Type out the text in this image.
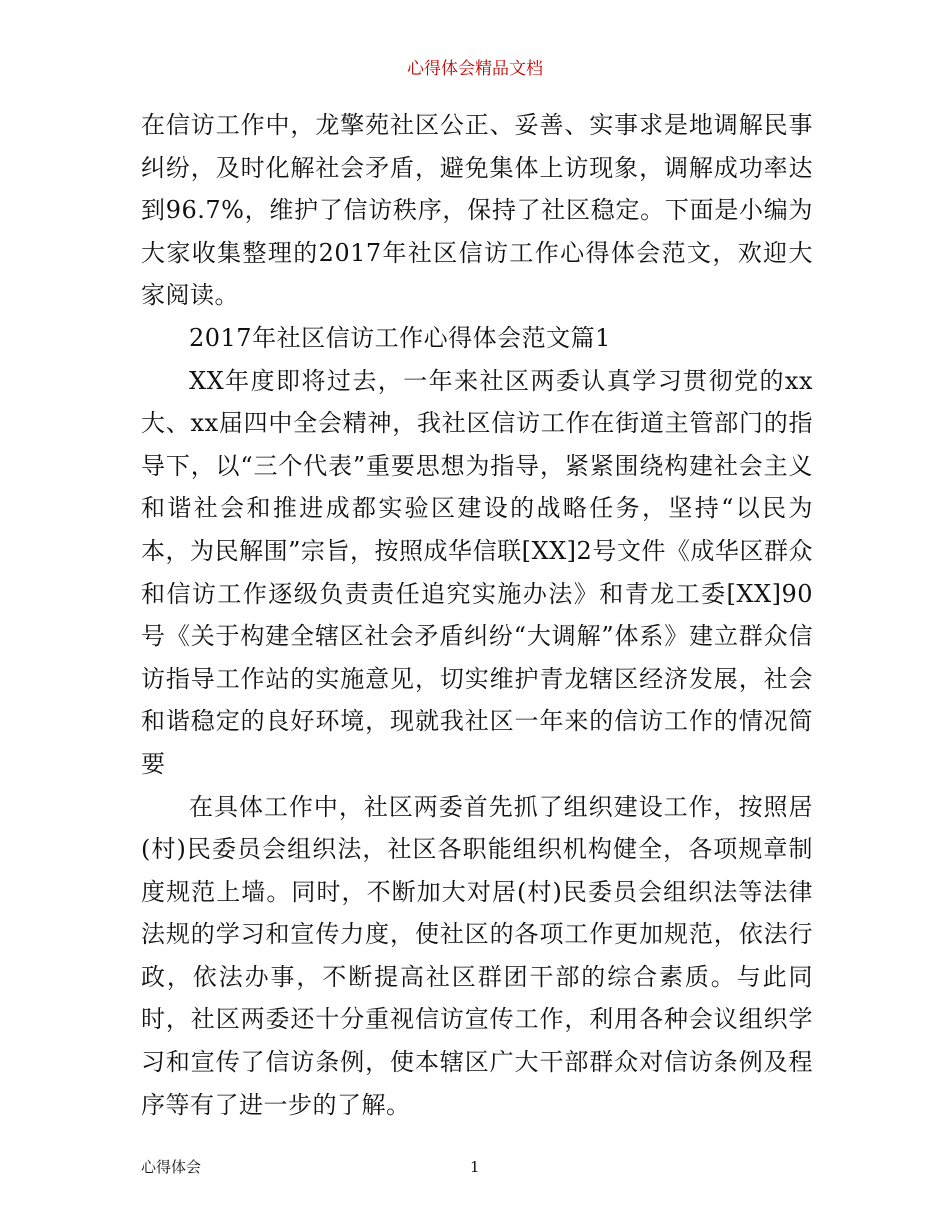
心得体会精品文档

在信访工作中，龙擎苑社区公正、妥善、实事求是地调解民事纠纷，及时化解社会矛盾，避免集体上访现象，调解成功率达到96.7%，维护了信访秩序，保持了社区稳定。下面是小编为大家收集整理的2017年社区信访工作心得体会范文，欢迎大家阅读。

2017年社区信访工作心得体会范文篇1

XX年度即将过去，一年来社区两委认真学习贯彻党的xx大、xx届四中全会精神，我社区信访工作在街道主管部门的指导下，以“三个代表”重要思想为指导，紧紧围绕构建社会主义和谐社会和推进成都实验区建设的战略任务，坚持“以民为本，为民解围”宗旨，按照成华信联[XX]2号文件《成华区群众和信访工作逐级负责责任追究实施办法》和青龙工委[XX]90号《关于构建全辖区社会矛盾纠纷“大调解”体系》建立群众信访指导工作站的实施意见，切实维护青龙辖区经济发展，社会和谐稳定的良好环境，现就我社区一年来的信访工作的情况简要

在具体工作中，社区两委首先抓了组织建设工作，按照居(村)民委员会组织法，社区各职能组织机构健全，各项规章制度规范上墙。同时，不断加大对居(村)民委员会组织法等法律法规的学习和宣传力度，使社区的各项工作更加规范，依法行政，依法办事，不断提高社区群团干部的综合素质。与此同时，社区两委还十分重视信访宣传工作，利用各种会议组织学习和宣传了信访条例，使本辖区广大干部群众对信访条例及程序等有了进一步的了解。

心得体会	1
